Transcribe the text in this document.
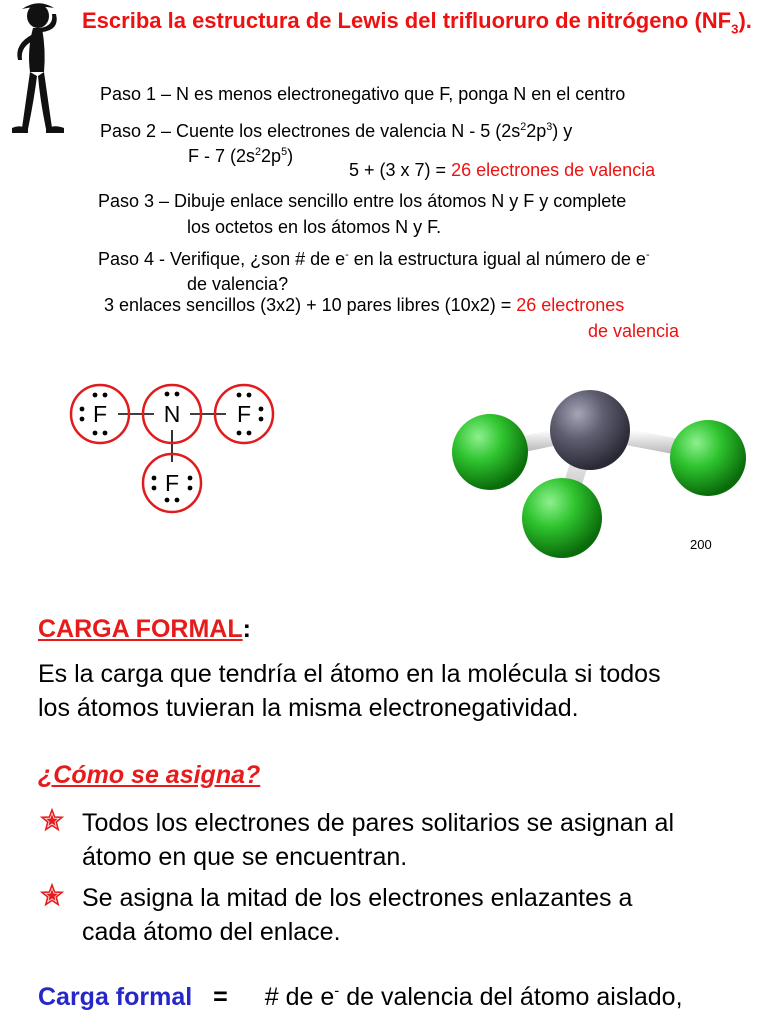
Escriba la estructura de Lewis del trifluoruro de nitrógeno $(NF_3)$.
Paso 1 – N es menos electronegativo que F, ponga N en el centro
Paso 2 – Cuente los electrones de valencia N - 5 $(2s^22p^3)$ y
F - 7 $(2s^22p^5)$
5 + (3 x 7) = 26 electrones de valencia
Paso 3 – Dibuje enlace sencillo entre los átomos N y F y complete
los octetos en los átomos N y F.
Paso 4 - Verifique, ¿son # de e- en la estructura igual al número de e-
de valencia?
3 enlaces sencillos (3x2) + 10 pares libres (10x2) = 26 electrones
de valencia
F N F
F
200
CARGA FORMAL:
Es la carga que tendría el átomo en la molécula si todos
los átomos tuvieran la misma electronegatividad.
¿Cómo se asigna?
Todos los electrones de pares solitarios se asignan al
átomo en que se encuentran.
Se asigna la mitad de los electrones enlazantes a
cada átomo del enlace.
Carga formal = # de e- de valencia del átomo aislado,
